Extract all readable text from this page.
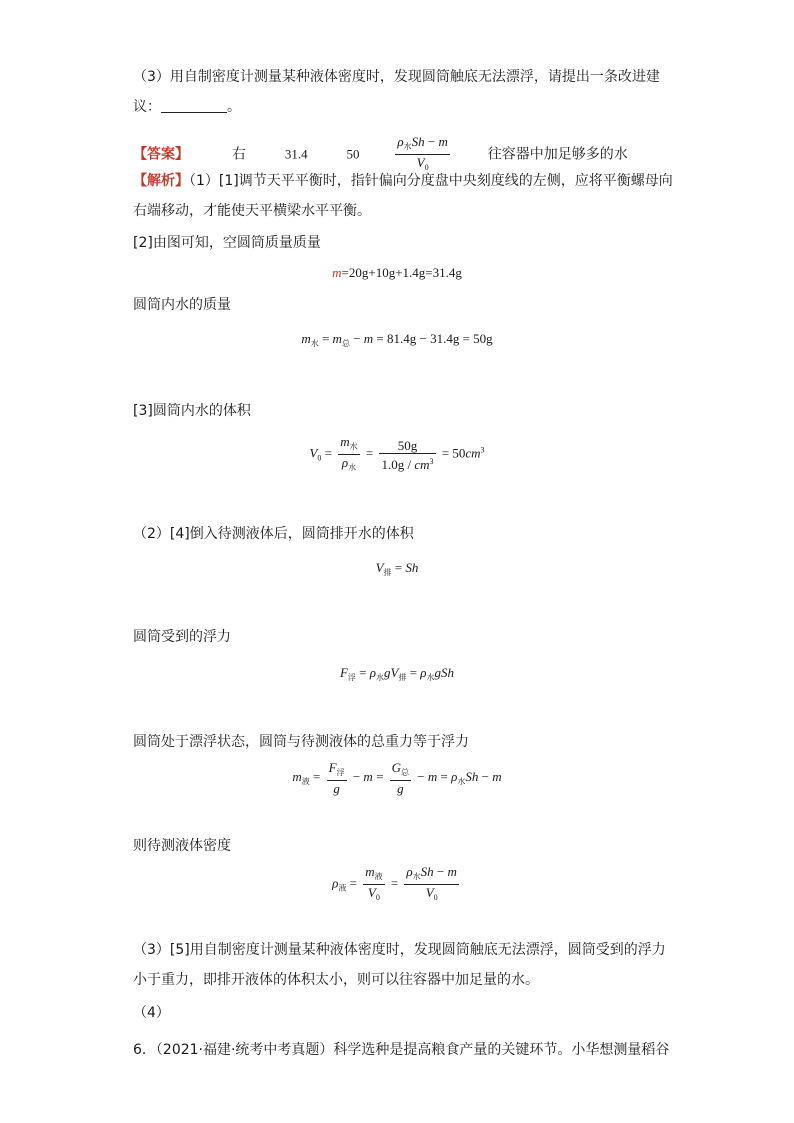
（3）用自制密度计测量某种液体密度时，发现圆筒触底无法漂浮，请提出一条改进建
议：	。
【答案】	右	31.4	50	$\frac{\rho_水Sh - m}{V_0}$	往容器中加足够多的水
【解析】（1）[1]调节天平平衡时，指针偏向分度盘中央刻度线的左侧，应将平衡螺母向
右端移动，才能使天平横梁水平平衡。
[2]由图可知，空圆筒质量质量
m=20g+10g+1.4g=31.4g
圆筒内水的质量
$m_水 = m_总 - m = 81.4g - 31.4g = 50g$
[3]圆筒内水的体积
$V_0 = \frac{m_水}{\rho_水} = \frac{50g}{1.0g / cm^3} = 50cm^3$
（2）[4]倒入待测液体后，圆筒排开水的体积
$V_排 = Sh$
圆筒受到的浮力
$F_浮 = \rho_水gV_排 = \rho_水gSh$
圆筒处于漂浮状态，圆筒与待测液体的总重力等于浮力
$m_液 = \frac{F_浮}{g} - m = \frac{G_总}{g} - m = \rho_水Sh - m$
则待测液体密度
$\rho_液 = \frac{m_液}{V_0} = \frac{\rho_水Sh - m}{V_0}$
（3）[5]用自制密度计测量某种液体密度时，发现圆筒触底无法漂浮，圆筒受到的浮力
小于重力，即排开液体的体积太小，则可以往容器中加足量的水。
（4）
6．（2021·福建·统考中考真题）科学选种是提高粮食产量的关键环节。小华想测量稻谷
